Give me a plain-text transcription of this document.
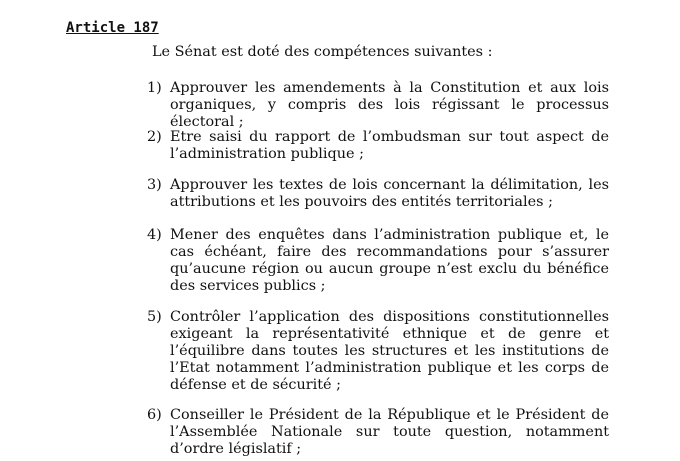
Article 187
Le Sénat est doté des compétences suivantes :
1) Approuver les amendements à la Constitution et aux lois organiques, y compris des lois régissant le processus électoral ;
2) Etre saisi du rapport de l’ombudsman sur tout aspect de l’administration publique ;
3) Approuver les textes de lois concernant la délimitation, les attributions et les pouvoirs des entités territoriales ;
4) Mener des enquêtes dans l’administration publique et, le cas échéant, faire des recommandations pour s’assurer qu’aucune région ou aucun groupe n’est exclu du bénéfice des services publics ;
5) Contrôler l’application des dispositions constitutionnelles exigeant la représentativité ethnique et de genre et l’équilibre dans toutes les structures et les institutions de l’Etat notamment l’administration publique et les corps de défense et de sécurité ;
6) Conseiller le Président de la République et le Président de l’Assemblée Nationale sur toute question, notamment d’ordre législatif ;
